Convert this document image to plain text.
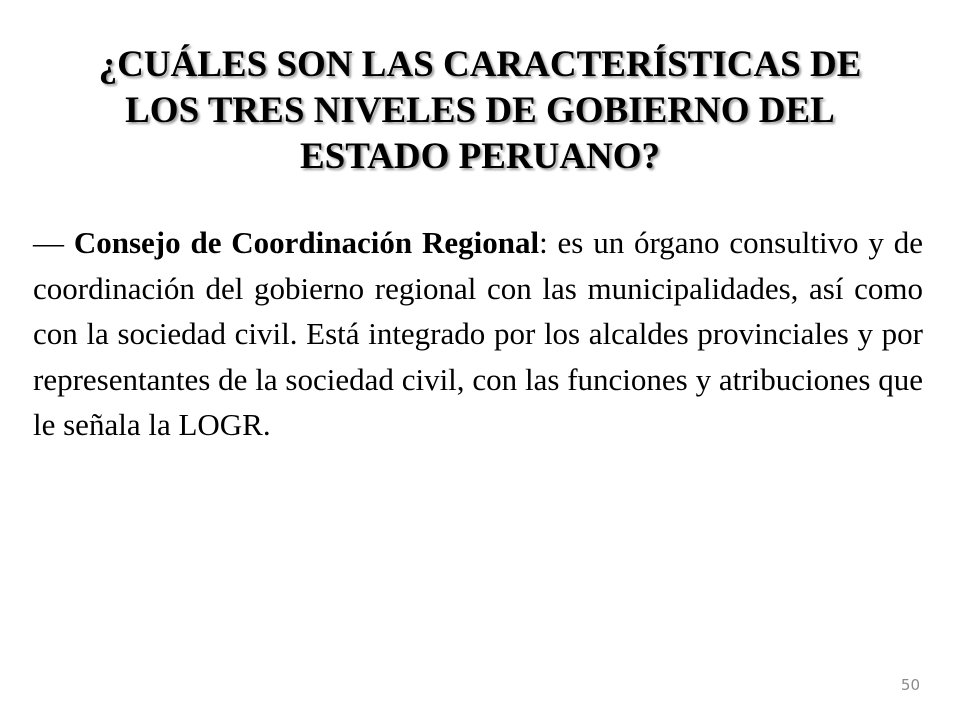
¿CUÁLES SON LAS CARACTERÍSTICAS DE
LOS TRES NIVELES DE GOBIERNO DEL
ESTADO PERUANO?

— Consejo de Coordinación Regional: es un órgano consultivo y de coordinación del gobierno regional con las municipalidades, así como con la sociedad civil. Está integrado por los alcaldes provinciales y por representantes de la sociedad civil, con las funciones y atribuciones que le señala la LOGR.

50
